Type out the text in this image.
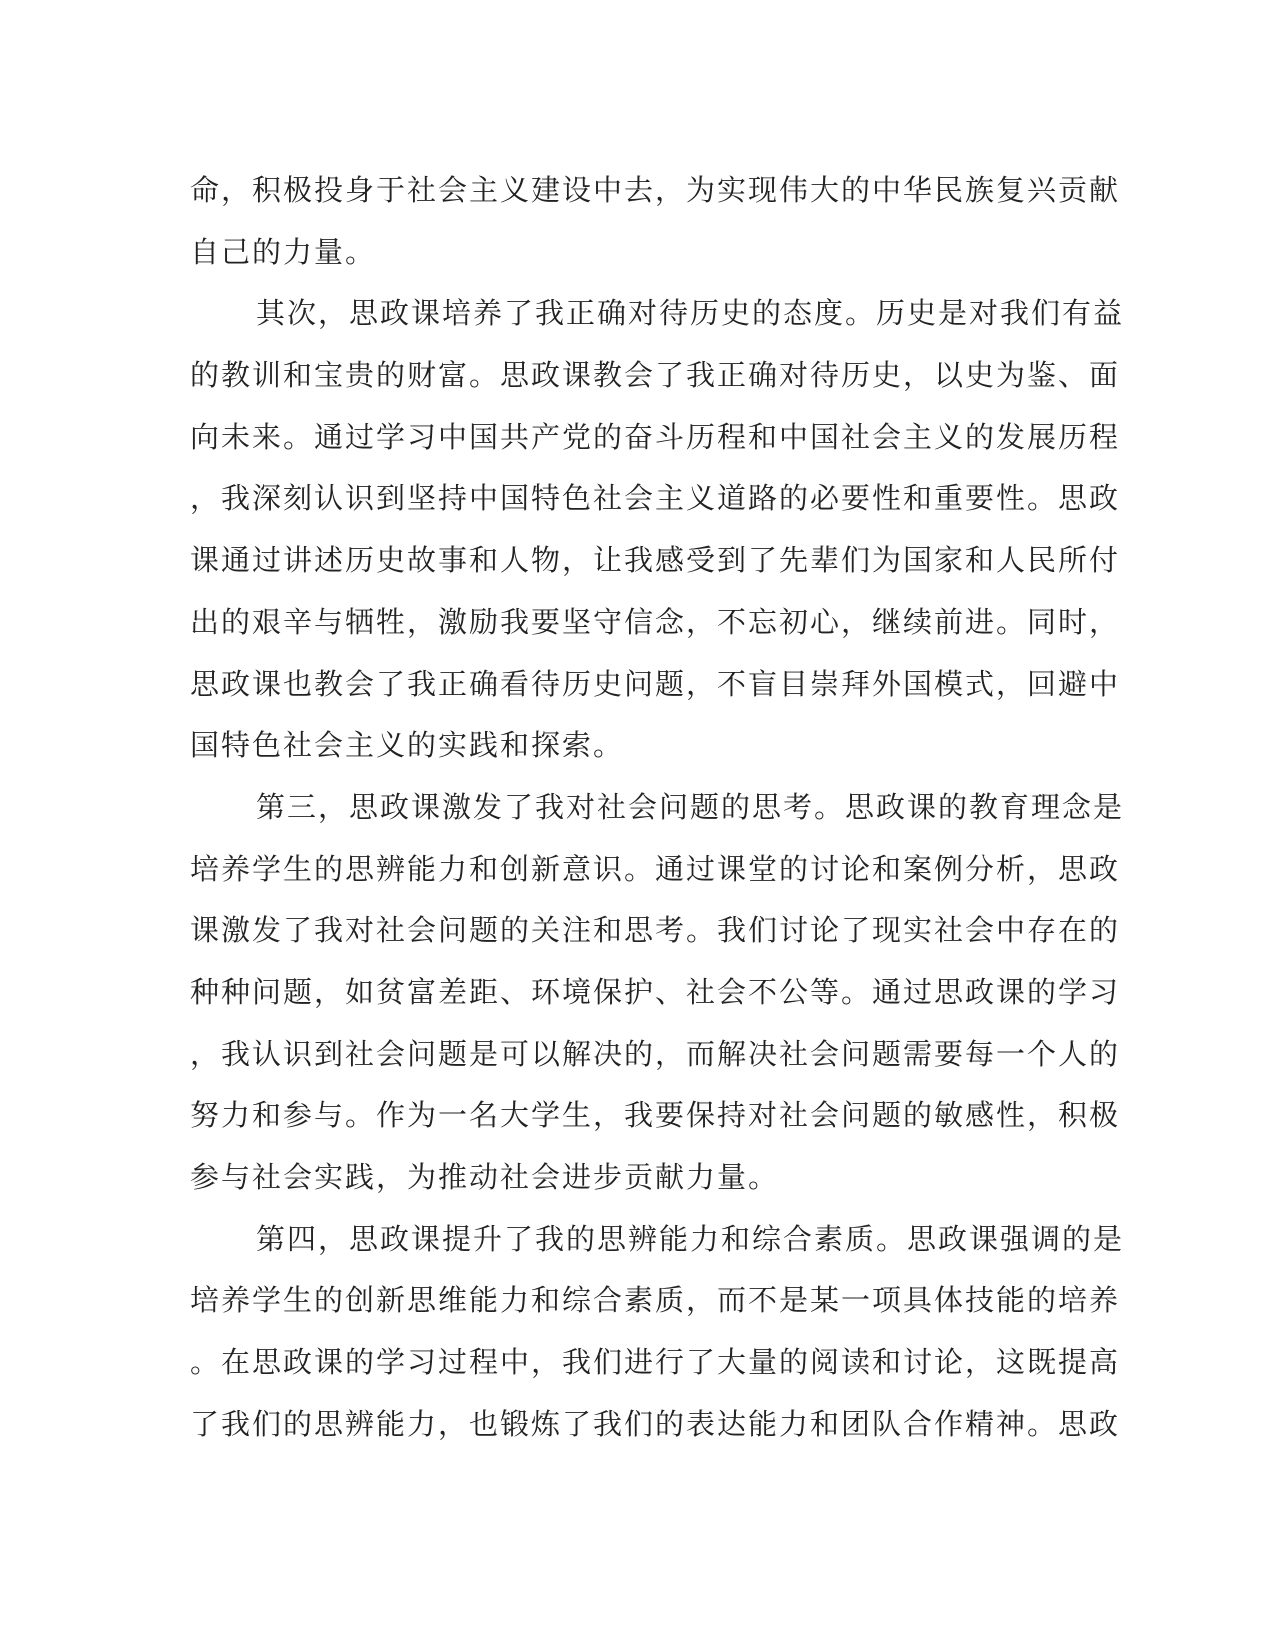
命，积极投身于社会主义建设中去，为实现伟大的中华民族复兴贡献
自己的力量。
其次，思政课培养了我正确对待历史的态度。历史是对我们有益
的教训和宝贵的财富。思政课教会了我正确对待历史，以史为鉴、面
向未来。通过学习中国共产党的奋斗历程和中国社会主义的发展历程
，我深刻认识到坚持中国特色社会主义道路的必要性和重要性。思政
课通过讲述历史故事和人物，让我感受到了先辈们为国家和人民所付
出的艰辛与牺牲，激励我要坚守信念，不忘初心，继续前进。同时，
思政课也教会了我正确看待历史问题，不盲目崇拜外国模式，回避中
国特色社会主义的实践和探索。
第三，思政课激发了我对社会问题的思考。思政课的教育理念是
培养学生的思辨能力和创新意识。通过课堂的讨论和案例分析，思政
课激发了我对社会问题的关注和思考。我们讨论了现实社会中存在的
种种问题，如贫富差距、环境保护、社会不公等。通过思政课的学习
，我认识到社会问题是可以解决的，而解决社会问题需要每一个人的
努力和参与。作为一名大学生，我要保持对社会问题的敏感性，积极
参与社会实践，为推动社会进步贡献力量。
第四，思政课提升了我的思辨能力和综合素质。思政课强调的是
培养学生的创新思维能力和综合素质，而不是某一项具体技能的培养
。在思政课的学习过程中，我们进行了大量的阅读和讨论，这既提高
了我们的思辨能力，也锻炼了我们的表达能力和团队合作精神。思政
